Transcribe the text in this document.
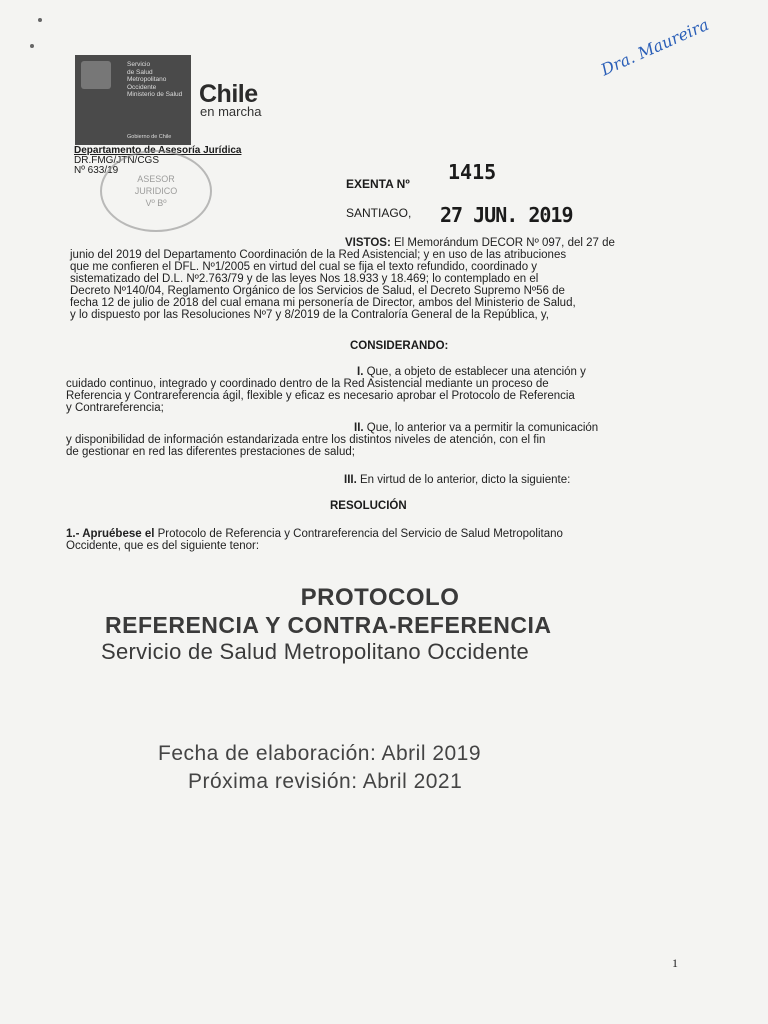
Servicio
de Salud
Metropolitano
Occidente
Ministerio de Salud
Gobierno de Chile
Chile
en marcha
Departamento de Asesoría Jurídica
DR.FMG/JTN/CGS
Nº 633/19
ASESOR
JURIDICO
Vº Bº
Dra. Maureira
EXENTA Nº 1415
SANTIAGO, 27 JUN. 2019
VISTOS: El Memorándum DECOR Nº 097, del 27 de
junio del 2019 del Departamento Coordinación de la Red Asistencial; y en uso de las atribuciones
que me confieren el DFL. Nº1/2005 en virtud del cual se fija el texto refundido, coordinado y
sistematizado del D.L. Nº2.763/79 y de las leyes Nos 18.933 y 18.469; lo contemplado en el
Decreto Nº140/04, Reglamento Orgánico de los Servicios de Salud, el Decreto Supremo Nº56 de
fecha 12 de julio de 2018 del cual emana mi personería de Director, ambos del Ministerio de Salud,
y lo dispuesto por las Resoluciones Nº7 y 8/2019 de la Contraloría General de la República, y,
CONSIDERANDO:
I. Que, a objeto de establecer una atención y
cuidado continuo, integrado y coordinado dentro de la Red Asistencial mediante un proceso de
Referencia y Contrareferencia ágil, flexible y eficaz es necesario aprobar el Protocolo de Referencia
y Contrareferencia;
II. Que, lo anterior va a permitir la comunicación
y disponibilidad de información estandarizada entre los distintos niveles de atención, con el fin
de gestionar en red las diferentes prestaciones de salud;
III. En virtud de lo anterior, dicto la siguiente:
RESOLUCIÓN
1.- Apruébese el Protocolo de Referencia y Contrareferencia del Servicio de Salud Metropolitano
Occidente, que es del siguiente tenor:
PROTOCOLO
REFERENCIA Y CONTRA-REFERENCIA
Servicio de Salud Metropolitano Occidente
Fecha de elaboración: Abril 2019
Próxima revisión: Abril 2021
1
